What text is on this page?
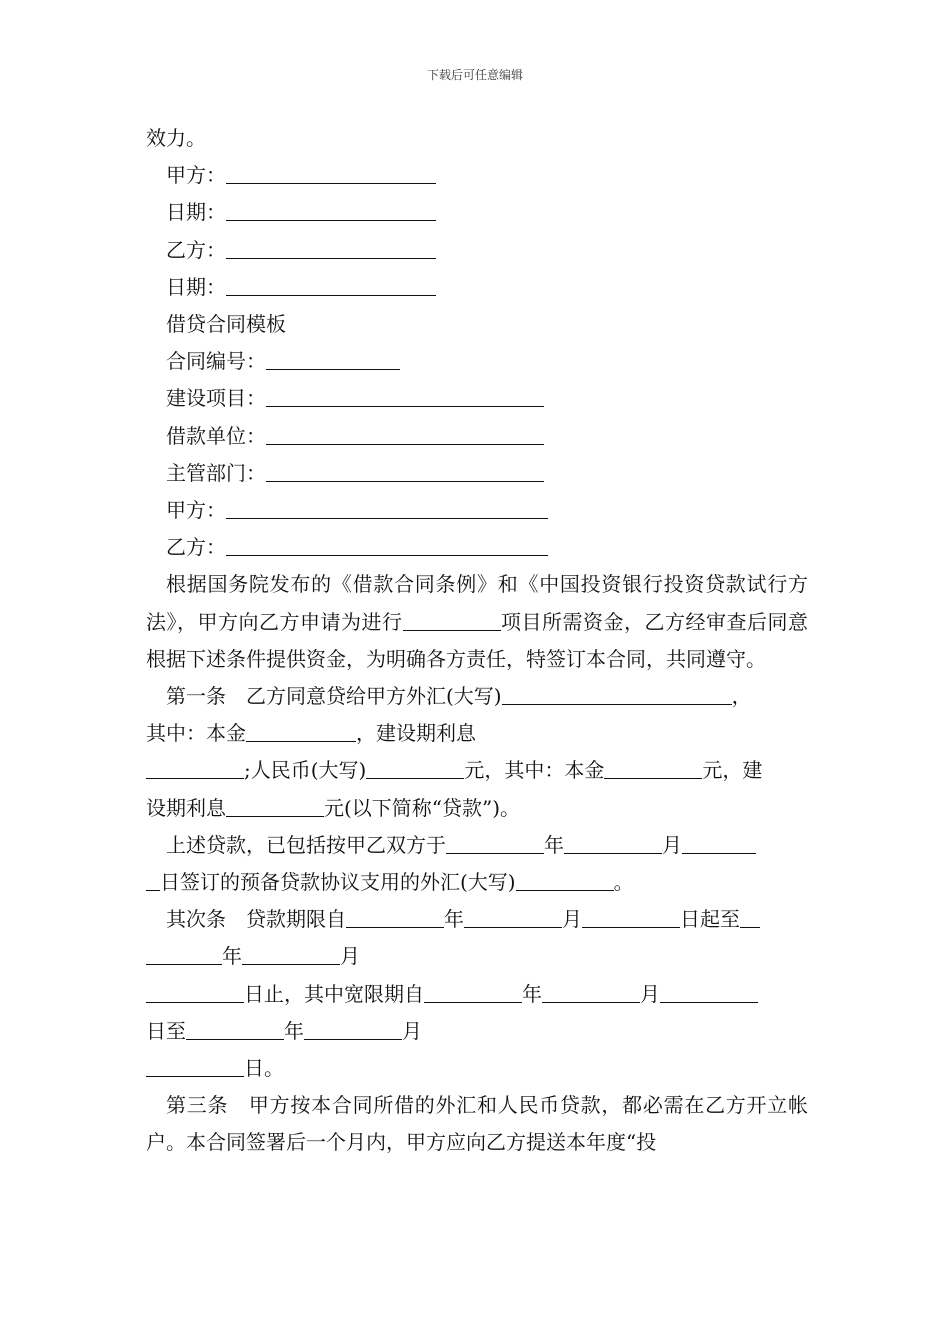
下载后可任意编辑

效力。

甲方：

日期：

乙方：

日期：

借贷合同模板

合同编号：

建设项目：

借款单位：

主管部门：

甲方：

乙方：

根据国务院发布的《借款合同条例》和《中国投资银行投资贷款试行方法》，甲方向乙方申请为进行	项目所需资金，乙方经审查后同意根据下述条件提供资金，为明确各方责任，特签订本合同，共同遵守。

第一条　乙方同意贷给甲方外汇(大写)	，

其中：本金	，建设期利息

;人民币(大写)	元，其中：本金	元，建

设期利息	元(以下简称“贷款”)。

上述贷款，已包括按甲乙双方于	年	月

日签订的预备贷款协议支用的外汇(大写)	。

其次条　贷款期限自	年	月	日起至

年	月

日止，其中宽限期自	年	月

日至	年	月

日。

第三条　甲方按本合同所借的外汇和人民币贷款，都必需在乙方开立帐户。本合同签署后一个月内，甲方应向乙方提送本年度“投
